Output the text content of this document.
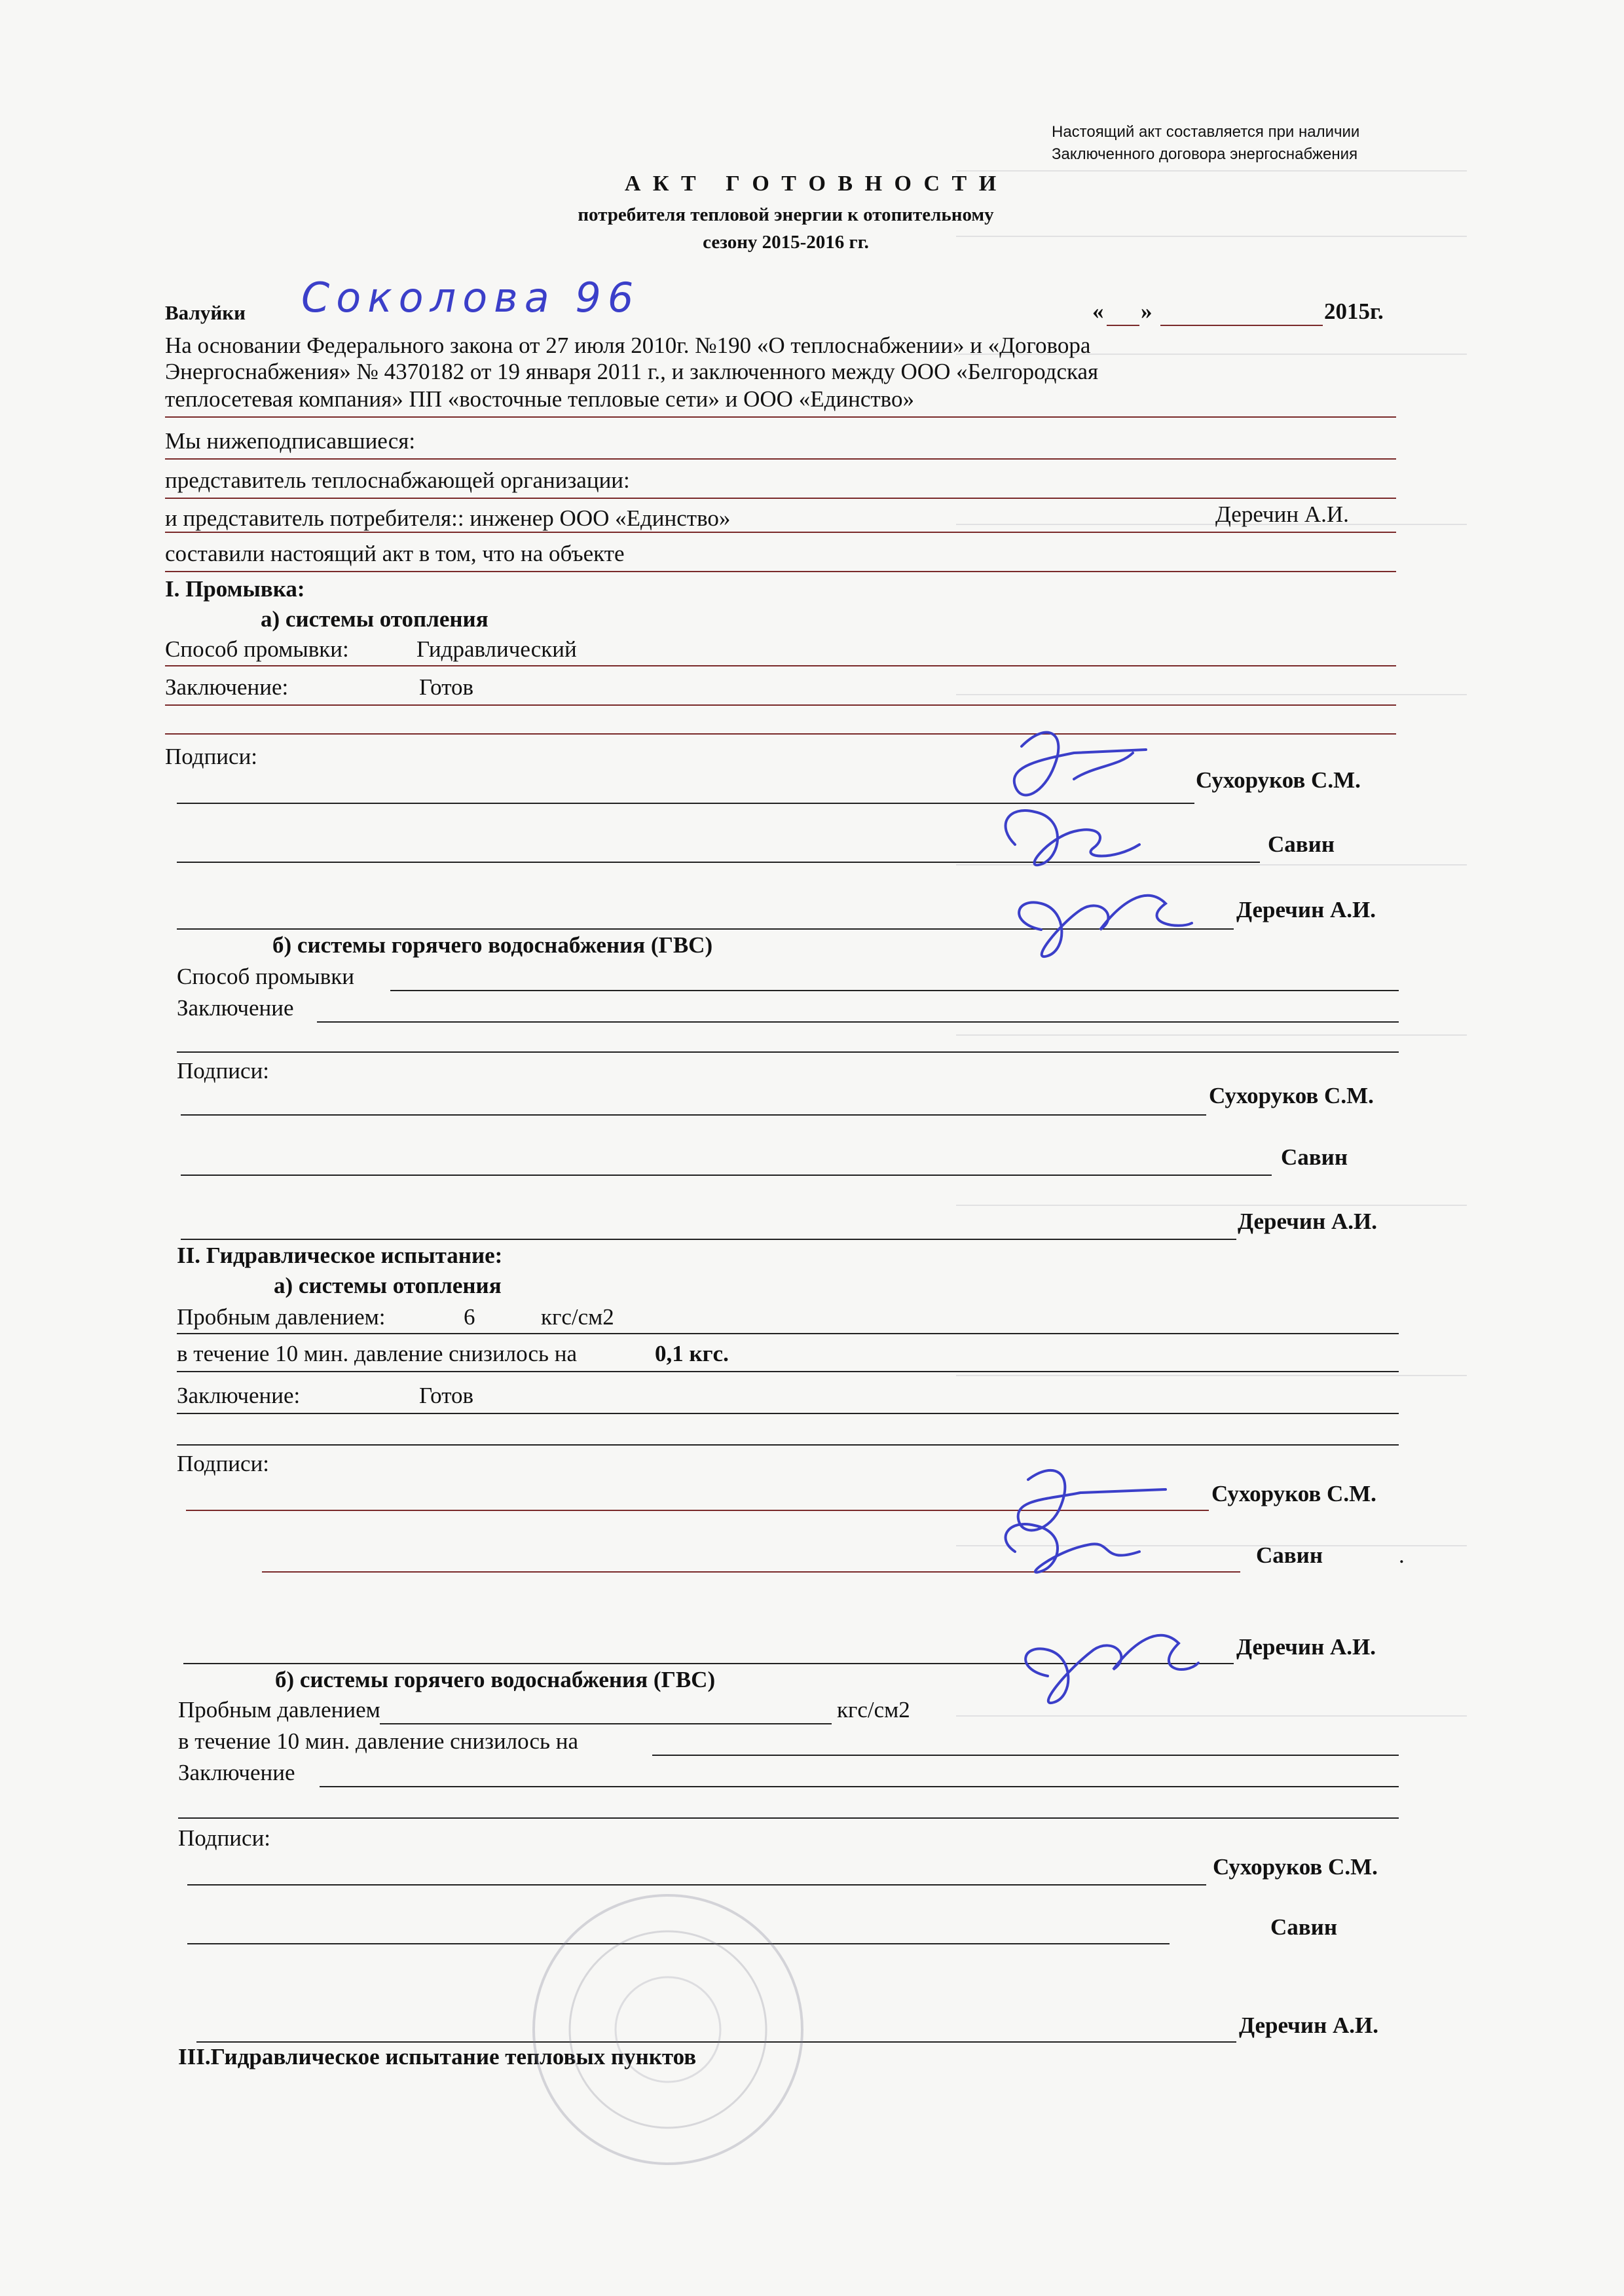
Настоящий акт составляется при наличии
Заключенного договора энергоснабжения
А К Т   Г О Т О В Н О С Т И
потребителя тепловой энергии к отопительному
сезону 2015-2016 гг.
Валуйки Соколова 96	« »	2015г.
На основании Федерального закона от 27 июля 2010г. №190 «О теплоснабжении» и «Договора
Энергоснабжения» № 4370182 от 19 января 2011 г., и заключенного между ООО «Белгородская
теплосетевая компания» ПП «восточные тепловые сети» и ООО «Единство»
Мы нижеподписавшиеся:
представитель теплоснабжающей организации:
и представитель потребителя:: инженер ООО «Единство»	Деречин А.И.
составили настоящий акт в том, что на объекте
I. Промывка:
а) системы отопления
Способ промывки:	Гидравлический
Заключение:	Готов
Подписи:
Сухоруков С.М.
Савин
Деречин А.И.
б) системы горячего водоснабжения (ГВС)
Способ промывки
Заключение
Подписи:
Сухоруков С.М.
Савин
Деречин А.И.
II. Гидравлическое испытание:
а) системы отопления
Пробным давлением:	6	кгс/см2
в течение 10 мин. давление снизилось на	0,1 кгс.
Заключение:	Готов
Подписи:
Сухоруков С.М.
Савин	.
Деречин А.И.
б) системы горячего водоснабжения (ГВС)
Пробным давлением	кгс/см2
в течение 10 мин. давление снизилось на
Заключение
Подписи:
Сухоруков С.М.
Савин
Деречин А.И.
III.Гидравлическое испытание тепловых пунктов
